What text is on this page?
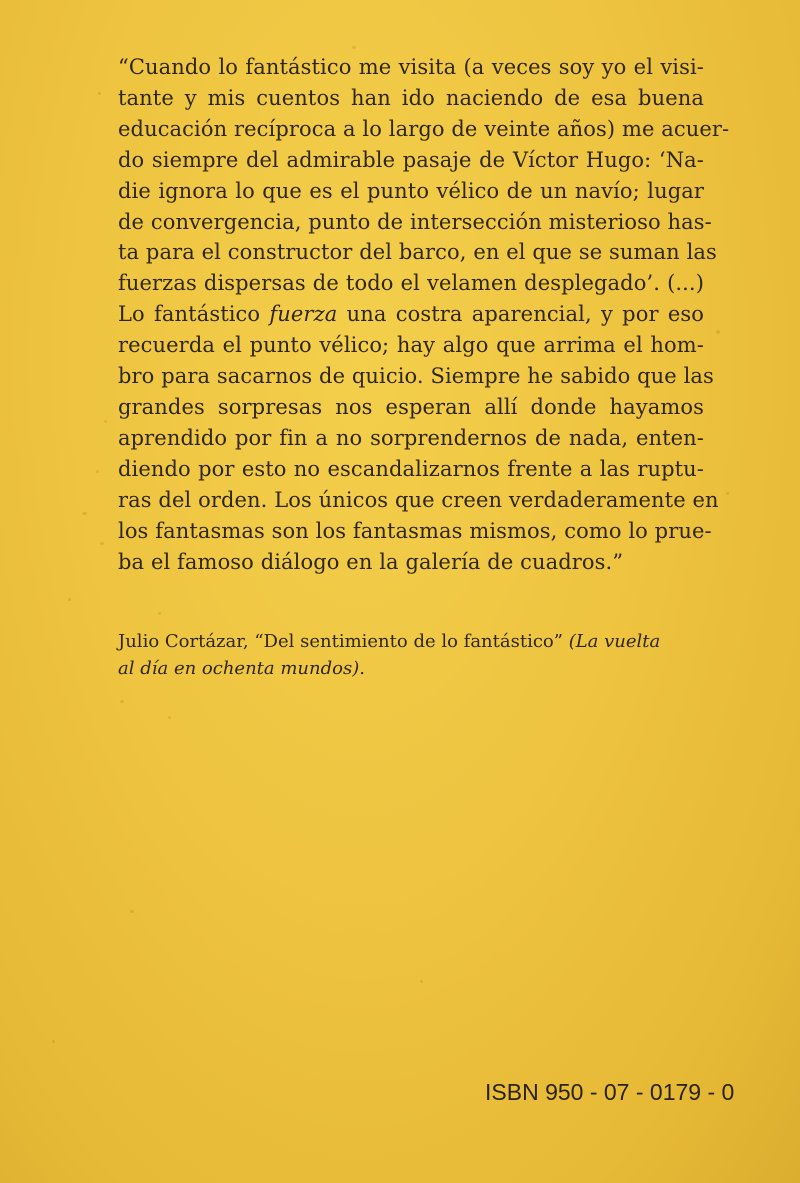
“Cuando lo fantástico me visita (a veces soy yo el visi-
tante y mis cuentos han ido naciendo de esa buena
educación recíproca a lo largo de veinte años) me acuer-
do siempre del admirable pasaje de Víctor Hugo: ‘Na-
die ignora lo que es el punto vélico de un navío; lugar
de convergencia, punto de intersección misterioso has-
ta para el constructor del barco, en el que se suman las
fuerzas dispersas de todo el velamen desplegado’. (...)
Lo fantástico fuerza una costra aparencial, y por eso
recuerda el punto vélico; hay algo que arrima el hom-
bro para sacarnos de quicio. Siempre he sabido que las
grandes sorpresas nos esperan allí donde hayamos
aprendido por fin a no sorprendernos de nada, enten-
diendo por esto no escandalizarnos frente a las ruptu-
ras del orden. Los únicos que creen verdaderamente en
los fantasmas son los fantasmas mismos, como lo prue-
ba el famoso diálogo en la galería de cuadros.”
Julio Cortázar, “Del sentimiento de lo fantástico” (La vuelta
al día en ochenta mundos).
ISBN 950 - 07 - 0179 - 0
